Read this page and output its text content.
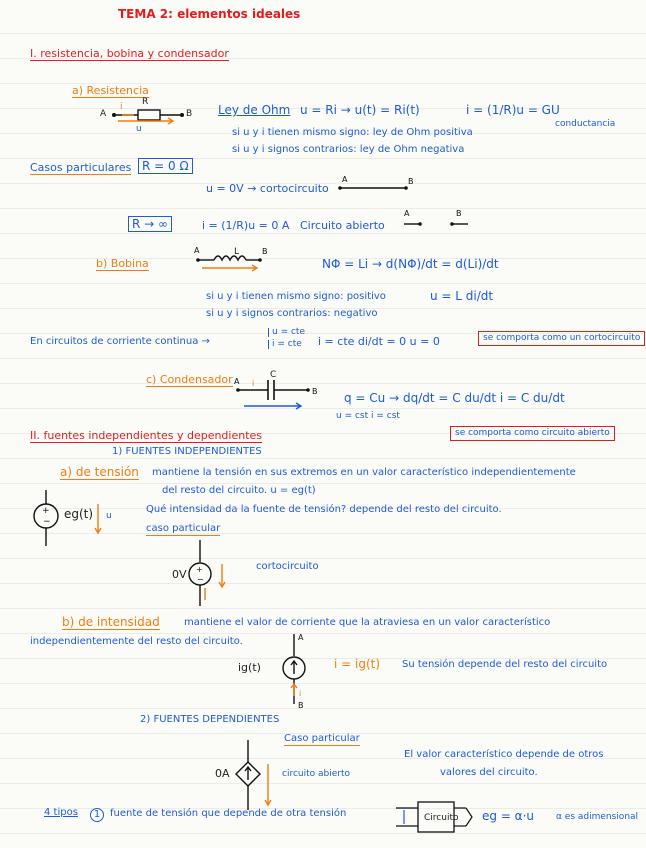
TEMA 2: elementos ideales
I. resistencia, bobina y condensador
a) Resistencia
A	B
i R
u
Ley de Ohm u = Ri → u(t) = Ri(t)	i = (1/R)u = GU
conductancia
si u y i tienen mismo signo: ley de Ohm positiva
si u y i signos contrarios: ley de Ohm negativa
Casos particulares R = 0 Ω
u = 0V → cortocircuito
A	B
R → ∞	i = (1/R)u = 0 A Circuito abierto
A	B
b) Bobina
A	B
L
NΦ = Li → d(NΦ)/dt = d(Li)/dt
si u y i tienen mismo signo: positivo	u = L di/dt
si u y i signos contrarios: negativo
En circuitos de corriente continua →
u = cte
i = cte i = cte di/dt = 0 u = 0	se comporta como un cortocircuito
c) Condensador A
B
i
C
q = Cu → dq/dt = C du/dt i = C du/dt
u = cst i = cst
se comporta como circuito abierto
II. fuentes independientes y dependientes
1) FUENTES INDEPENDIENTES
a) de tensión mantiene la tensión en sus extremos en un valor característico independientemente
del resto del circuito. u = eg(t)
+
−
eg(t) u
Qué intensidad da la fuente de tensión? depende del resto del circuito.
caso particular
+
−
0V
cortocircuito
b) de intensidad mantiene el valor de corriente que la atraviesa en un valor característico
independientemente del resto del circuito.	A
B
i
ig(t)	i = ig(t) Su tensión depende del resto del circuito
2) FUENTES DEPENDIENTES
Caso particular
0A	circuito abierto
El valor característico depende de otros
valores del circuito.
4 tipos	1 fuente de tensión que depende de otra tensión	Circuito eg = α·u α es adimensional
